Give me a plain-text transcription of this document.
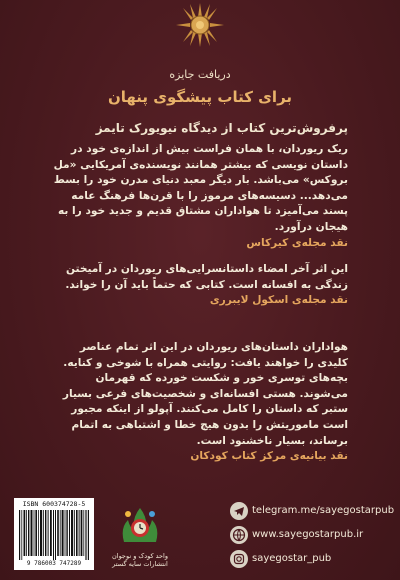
دریافت جایزه
برای کتاب پیشگوی پنهان
پرفروش‌ترین کتاب از دیدگاه نیویورک تایمز
ریک ریوردان، با همان فراست بیش از اندازه‌ی خود در داستان نویسی که بیشتر همانند نویسنده‌ی آمریکایی «مل بروکس» می‌باشد. بار دیگر معبد دنیای مدرن خود را بسط می‌دهد... دسیسه‌های مرموز را با قرن‌ها فرهنگ عامه پسند می‌آمیزد تا هواداران مشتاق قدیم و جدید خود را به هیجان درآورد.
نقد مجله‌ی کیرکاس
این اثر آخر امضاء داستانسرایی‌های ریوردان در آمیختن زندگی به افسانه است. کتابی که حتماً باید آن را خواند.
نقد مجله‌ی اسکول لایبرری
هواداران داستان‌های ریوردان در این اثر تمام عناصر کلیدی را خواهند یافت: روایتی همراه با شوخی و کنایه. بچه‌های توسری خور و شکست خورده که قهرمان می‌شوند. هستی افسانه‌ای و شخصیت‌های فرعی بسیار ستبر که داستان را کامل می‌کنند. آپولو از اینکه مجبور است ماموریتش را بدون هیچ خطا و اشتباهی به اتمام برساند، بسیار ناخشنود است.
نقد بیانیه‌ی مرکز کتاب کودکان
ISBN 600374728-5
9 786003 747289
واحد کودک و نوجوان
انتشارات سایه گستر
telegram.me/sayegostarpub
www.sayegostarpub.ir
sayegostar_pub
